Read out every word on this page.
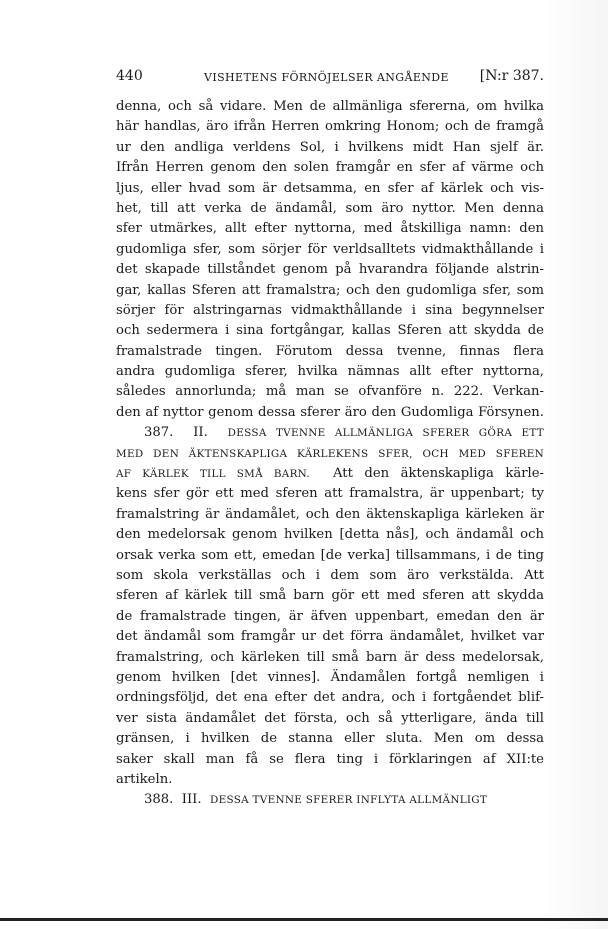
440	VISHETENS FÖRNÖJELSER ANGÅENDE [N:r 387.
denna, och så vidare. Men de allmänliga sfererna, om hvilka
här handlas, äro ifrån Herren omkring Honom; och de framgå
ur den andliga verldens Sol, i hvilkens midt Han sjelf är.
Ifrån Herren genom den solen framgår en sfer af värme och
ljus, eller hvad som är detsamma, en sfer af kärlek och vis-
het, till att verka de ändamål, som äro nyttor. Men denna
sfer utmärkes, allt efter nyttorna, med åtskilliga namn: den
gudomliga sfer, som sörjer för verldsalltets vidmakthållande i
det skapade tillståndet genom på hvarandra följande alstrin-
gar, kallas Sferen att framalstra; och den gudomliga sfer, som
sörjer för alstringarnas vidmakthållande i sina begynnelser
och sedermera i sina fortgångar, kallas Sferen att skydda de
framalstrade tingen. Förutom dessa tvenne, finnas flera
andra gudomliga sferer, hvilka nämnas allt efter nyttorna,
således annorlunda; må man se ofvanföre n. 222. Verkan-
den af nyttor genom dessa sferer äro den Gudomliga Försynen.
387. II. DESSA TVENNE ALLMÄNLIGA SFERER GÖRA ETT
MED DEN ÄKTENSKAPLIGA KÄRLEKENS SFER, OCH MED SFEREN
AF KÄRLEK TILL SMÅ BARN. Att den äktenskapliga kärle-
kens sfer gör ett med sferen att framalstra, är uppenbart; ty
framalstring är ändamålet, och den äktenskapliga kärleken är
den medelorsak genom hvilken [detta nås], och ändamål och
orsak verka som ett, emedan [de verka] tillsammans, i de ting
som skola verkställas och i dem som äro verkstälda. Att
sferen af kärlek till små barn gör ett med sferen att skydda
de framalstrade tingen, är äfven uppenbart, emedan den är
det ändamål som framgår ur det förra ändamålet, hvilket var
framalstring, och kärleken till små barn är dess medelorsak,
genom hvilken [det vinnes]. Ändamålen fortgå nemligen i
ordningsföljd, det ena efter det andra, och i fortgåendet blif-
ver sista ändamålet det första, och så ytterligare, ända till
gränsen, i hvilken de stanna eller sluta. Men om dessa
saker skall man få se flera ting i förklaringen af XII:te
artikeln.
388. III. DESSA TVENNE SFERER INFLYTA ALLMÄNLIGT
